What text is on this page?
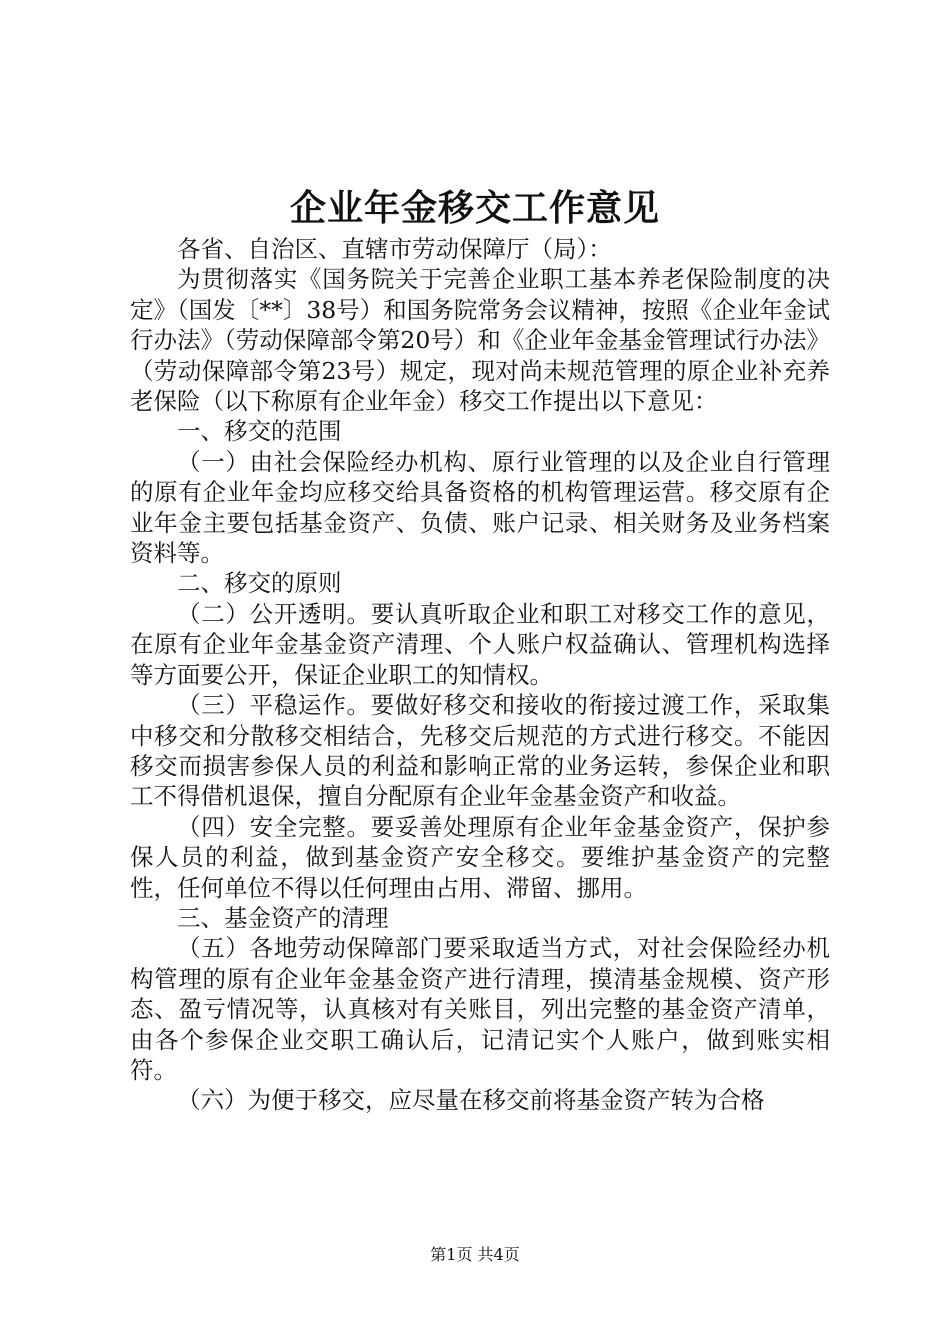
企业年金移交工作意见

各省、自治区、直辖市劳动保障厅（局）：

为贯彻落实《国务院关于完善企业职工基本养老保险制度的决定》（国发〔**〕38号）和国务院常务会议精神，按照《企业年金试行办法》（劳动保障部令第20号）和《企业年金基金管理试行办法》（劳动保障部令第23号）规定，现对尚未规范管理的原企业补充养老保险（以下称原有企业年金）移交工作提出以下意见：

一、移交的范围

（一）由社会保险经办机构、原行业管理的以及企业自行管理的原有企业年金均应移交给具备资格的机构管理运营。移交原有企业年金主要包括基金资产、负债、账户记录、相关财务及业务档案资料等。

二、移交的原则

（二）公开透明。要认真听取企业和职工对移交工作的意见，在原有企业年金基金资产清理、个人账户权益确认、管理机构选择等方面要公开，保证企业职工的知情权。

（三）平稳运作。要做好移交和接收的衔接过渡工作，采取集中移交和分散移交相结合，先移交后规范的方式进行移交。不能因移交而损害参保人员的利益和影响正常的业务运转，参保企业和职工不得借机退保，擅自分配原有企业年金基金资产和收益。

（四）安全完整。要妥善处理原有企业年金基金资产，保护参保人员的利益，做到基金资产安全移交。要维护基金资产的完整性，任何单位不得以任何理由占用、滞留、挪用。

三、基金资产的清理

（五）各地劳动保障部门要采取适当方式，对社会保险经办机构管理的原有企业年金基金资产进行清理，摸清基金规模、资产形态、盈亏情况等，认真核对有关账目，列出完整的基金资产清单，由各个参保企业交职工确认后，记清记实个人账户，做到账实相符。

（六）为便于移交，应尽量在移交前将基金资产转为合格

第1页 共4页
